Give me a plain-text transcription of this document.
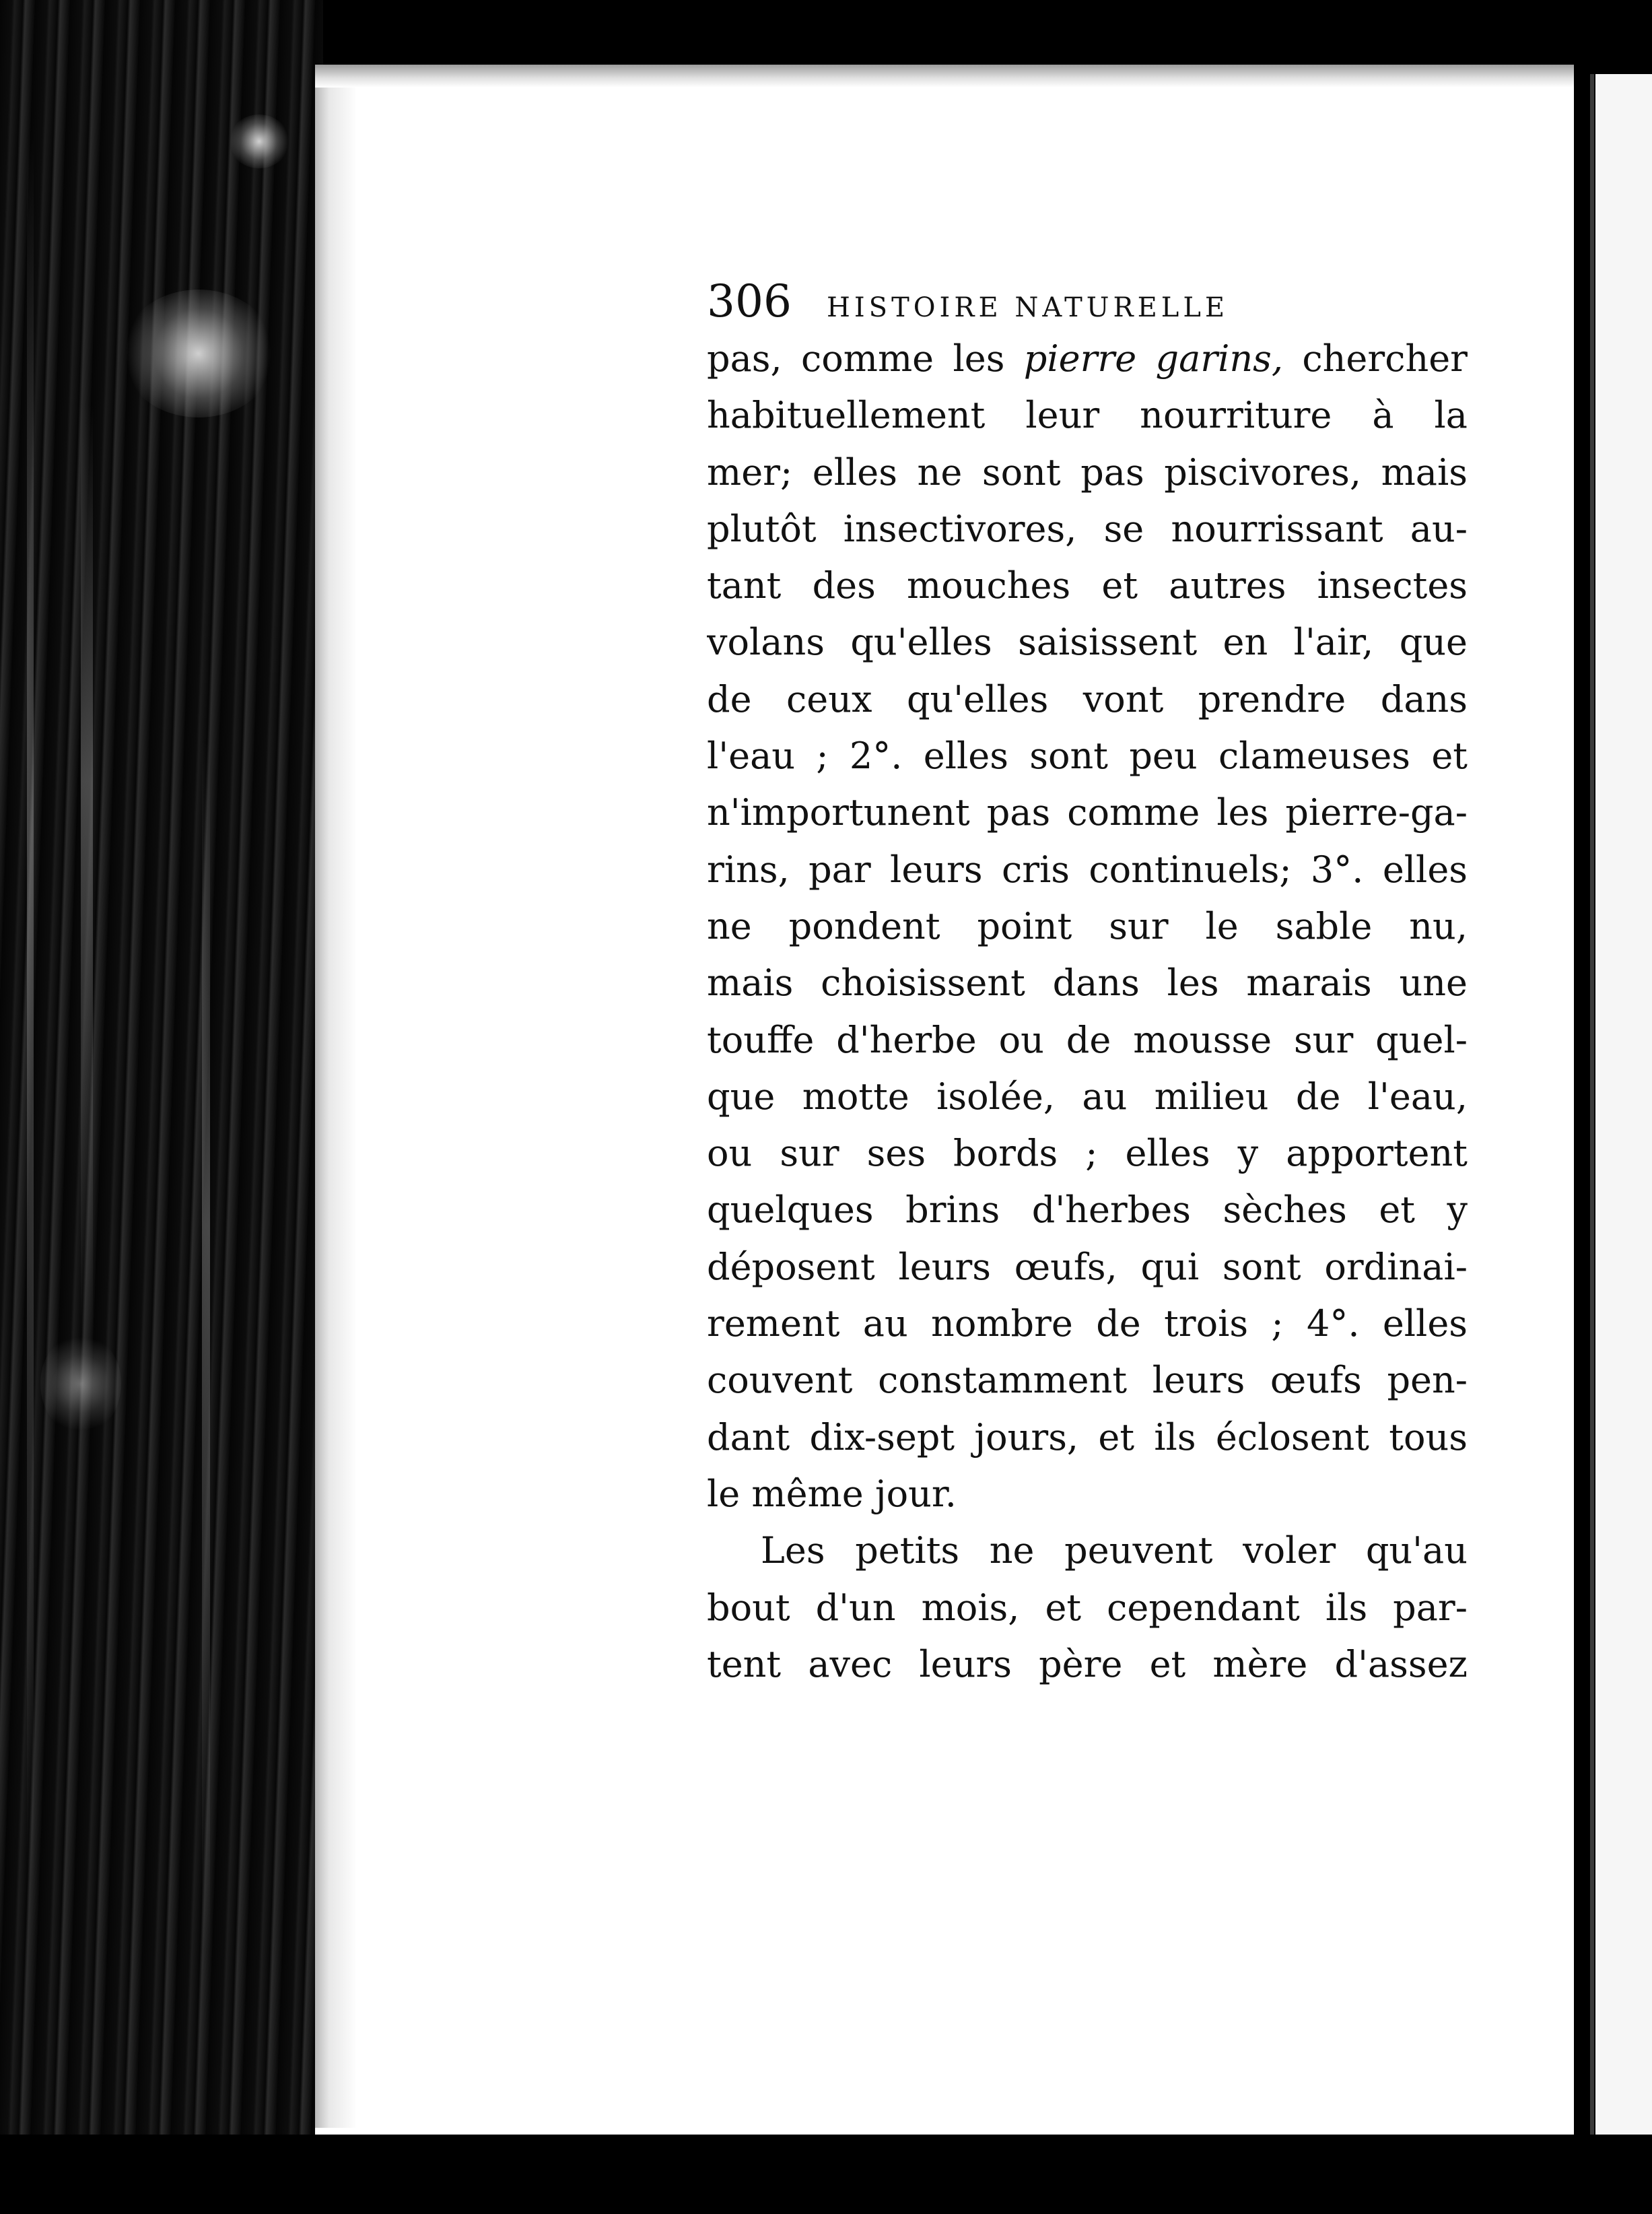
306 HISTOIRE NATURELLE
pas, comme les pierre garins, chercher
habituellement leur nourriture à la
mer; elles ne sont pas piscivores, mais
plutôt insectivores, se nourrissant au-
tant des mouches et autres insectes
volans qu'elles saisissent en l'air, que
de ceux qu'elles vont prendre dans
l'eau ; 2°. elles sont peu clameuses et
n'importunent pas comme les pierre-ga-
rins, par leurs cris continuels; 3°. elles
ne pondent point sur le sable nu,
mais choisissent dans les marais une
touffe d'herbe ou de mousse sur quel-
que motte isolée, au milieu de l'eau,
ou sur ses bords ; elles y apportent
quelques brins d'herbes sèches et y
déposent leurs œufs, qui sont ordinai-
rement au nombre de trois ; 4°. elles
couvent constamment leurs œufs pen-
dant dix-sept jours, et ils éclosent tous
le même jour.
Les petits ne peuvent voler qu'au
bout d'un mois, et cependant ils par-
tent avec leurs père et mère d'assez
